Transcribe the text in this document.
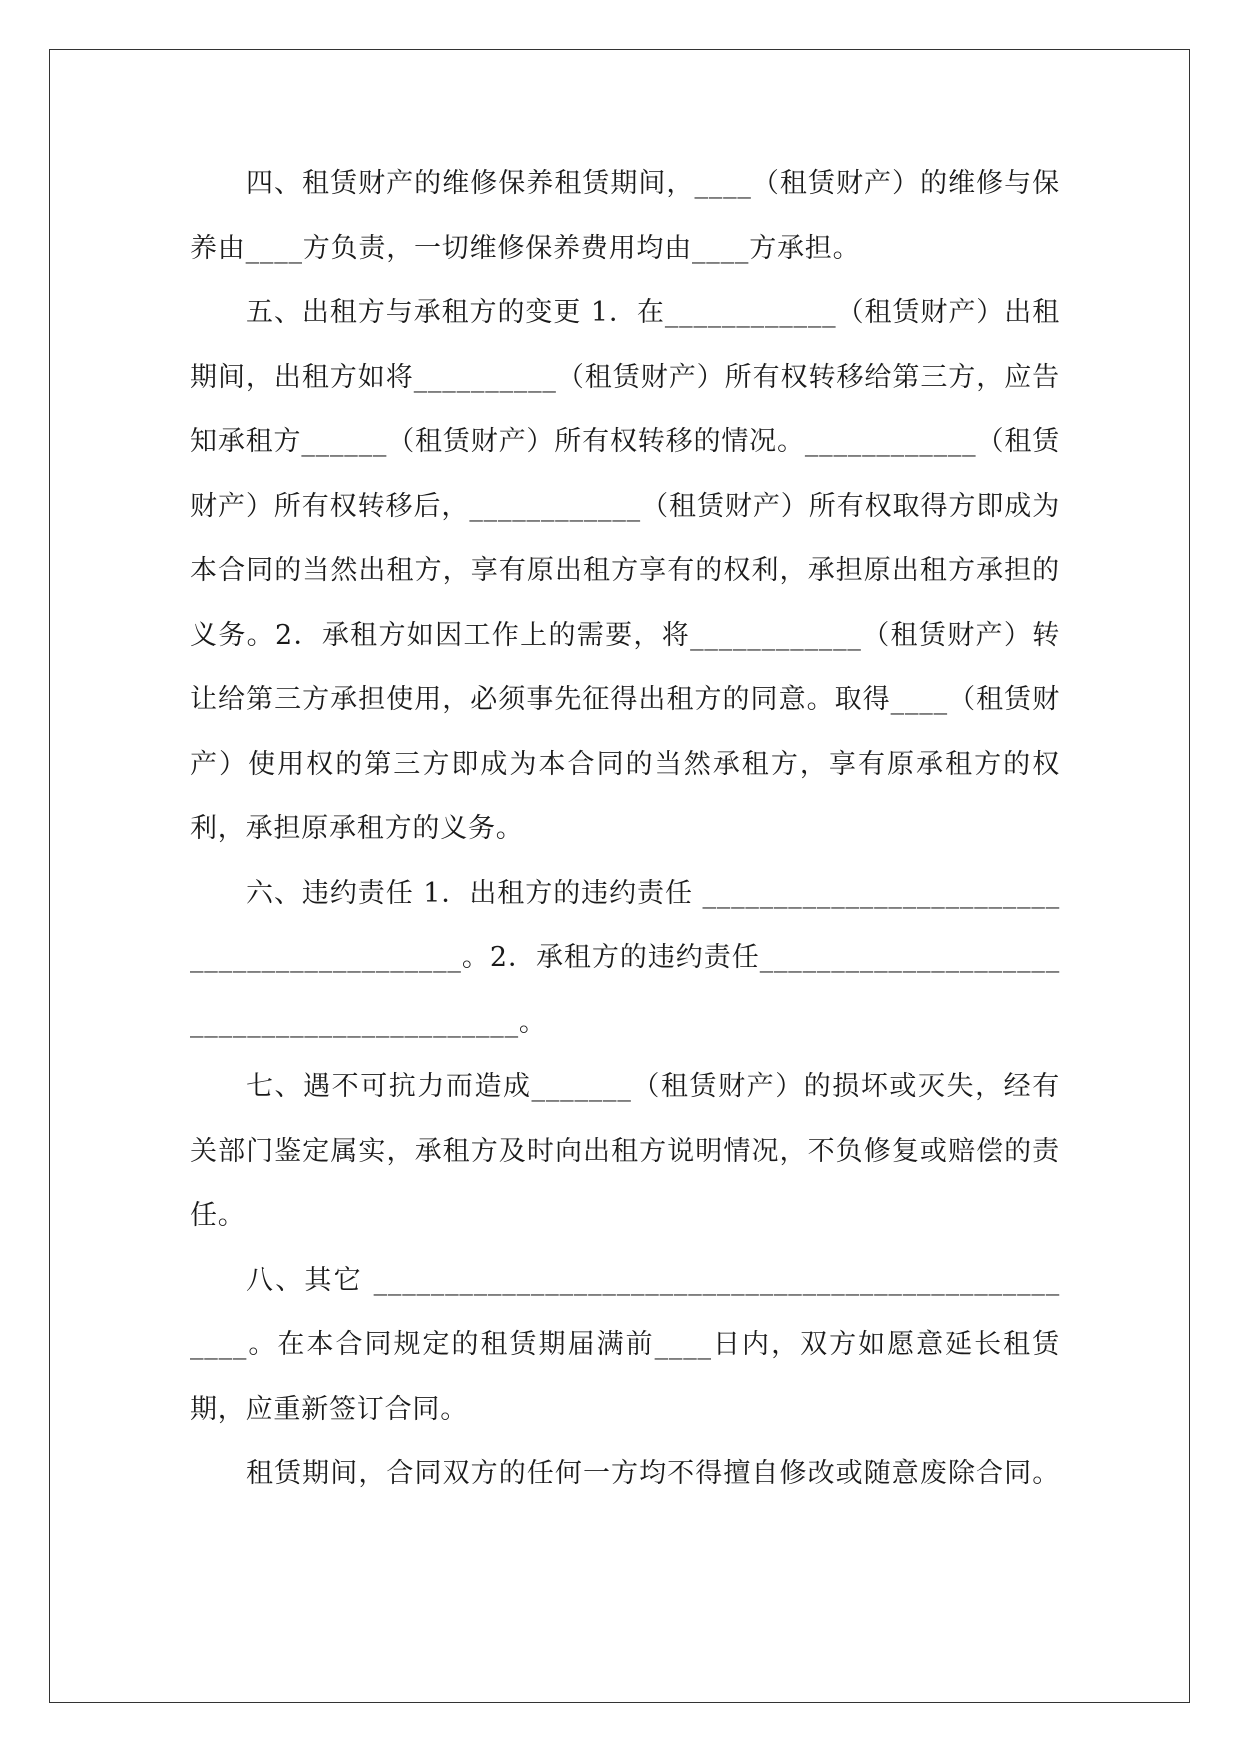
四、租赁财产的维修保养租赁期间，____（租赁财产）的维修与保养由____方负责，一切维修保养费用均由____方承担。

五、出租方与承租方的变更 1．在____________（租赁财产）出租期间，出租方如将__________（租赁财产）所有权转移给第三方，应告知承租方______（租赁财产）所有权转移的情况。____________（租赁财产）所有权转移后，____________（租赁财产）所有权取得方即成为本合同的当然出租方，享有原出租方享有的权利，承担原出租方承担的义务。2．承租方如因工作上的需要，将____________（租赁财产）转让给第三方承担使用，必须事先征得出租方的同意。取得____（租赁财产）使用权的第三方即成为本合同的当然承租方，享有原承租方的权利，承担原承租方的义务。

六、违约责任 1．出租方的违约责任 ____________________________________________。2．承租方的违约责任____________________________________________。

七、遇不可抗力而造成_______（租赁财产）的损坏或灭失，经有关部门鉴定属实，承租方及时向出租方说明情况，不负修复或赔偿的责任。

八、其它 ____________________________________________________。在本合同规定的租赁期届满前____日内，双方如愿意延长租赁期，应重新签订合同。

租赁期间，合同双方的任何一方均不得擅自修改或随意废除合同。
